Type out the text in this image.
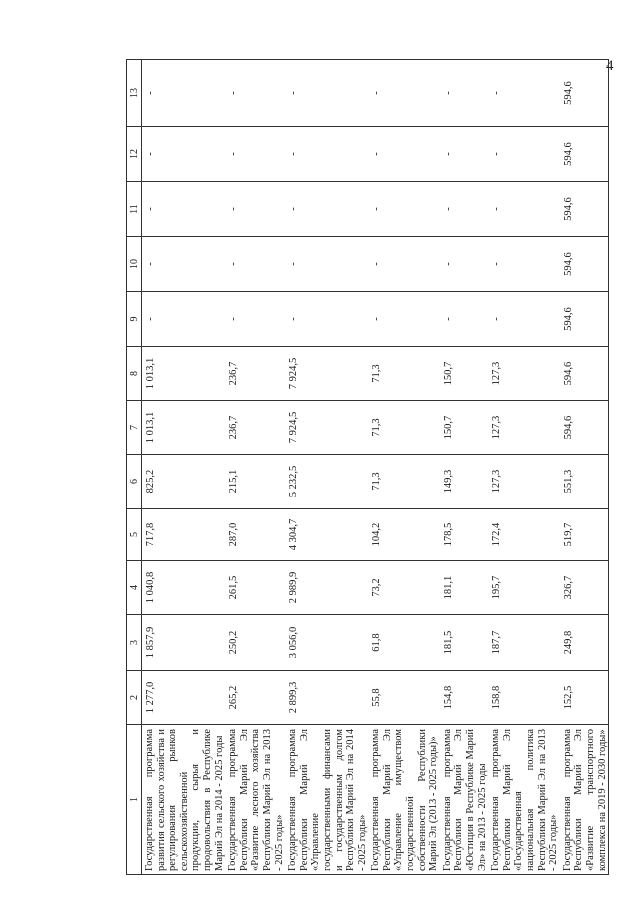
4
1	2	3	4	5	6	7	8	9	10	11	12	13
Государственная программа развития сельского хозяйства и регулирования рынков сельскохозяйственной продукции, сырья и продовольствия в Республике Марий Эл на 2014 - 2025 годы	1 277,0	1 857,9	1 040,8	717,8	825,2	1 013,1	1 013,1	-	-	-	-	-
Государственная программа Республики Марий Эл «Развитие лесного хозяйства Республики Марий Эл на 2013 - 2025 годы»	265,2	250,2	261,5	287,0	215,1	236,7	236,7	-	-	-	-	-
Государственная программа Республики Марий Эл «Управление государственными финансами и государственным долгом Республики Марий Эл на 2014 - 2025 годы»	2 899,3	3 056,0	2 989,9	4 304,7	5 232,5	7 924,5	7 924,5	-	-	-	-	-
Государственная программа Республики Марий Эл «Управление имуществом государственной собственности Республики Марий Эл (2013 - 2025 годы)»	55,8	61,8	73,2	104,2	71,3	71,3	71,3	-	-	-	-	-
Государственная программа Республики Марий Эл «Юстиция в Республике Марий Эл» на 2013 - 2025 годы	154,8	181,5	181,1	178,5	149,3	150,7	150,7	-	-	-	-	-
Государственная программа Республики Марий Эл «Государственная национальная политика Республики Марий Эл на 2013 - 2025 годы»	158,8	187,7	195,7	172,4	127,3	127,3	127,3	-	-	-	-	-
Государственная программа Республики Марий Эл «Развитие транспортного комплекса на 2019 - 2030 годы»	152,5	249,8	326,7	519,7	551,3	594,6	594,6	594,6	594,6	594,6	594,6	594,6
